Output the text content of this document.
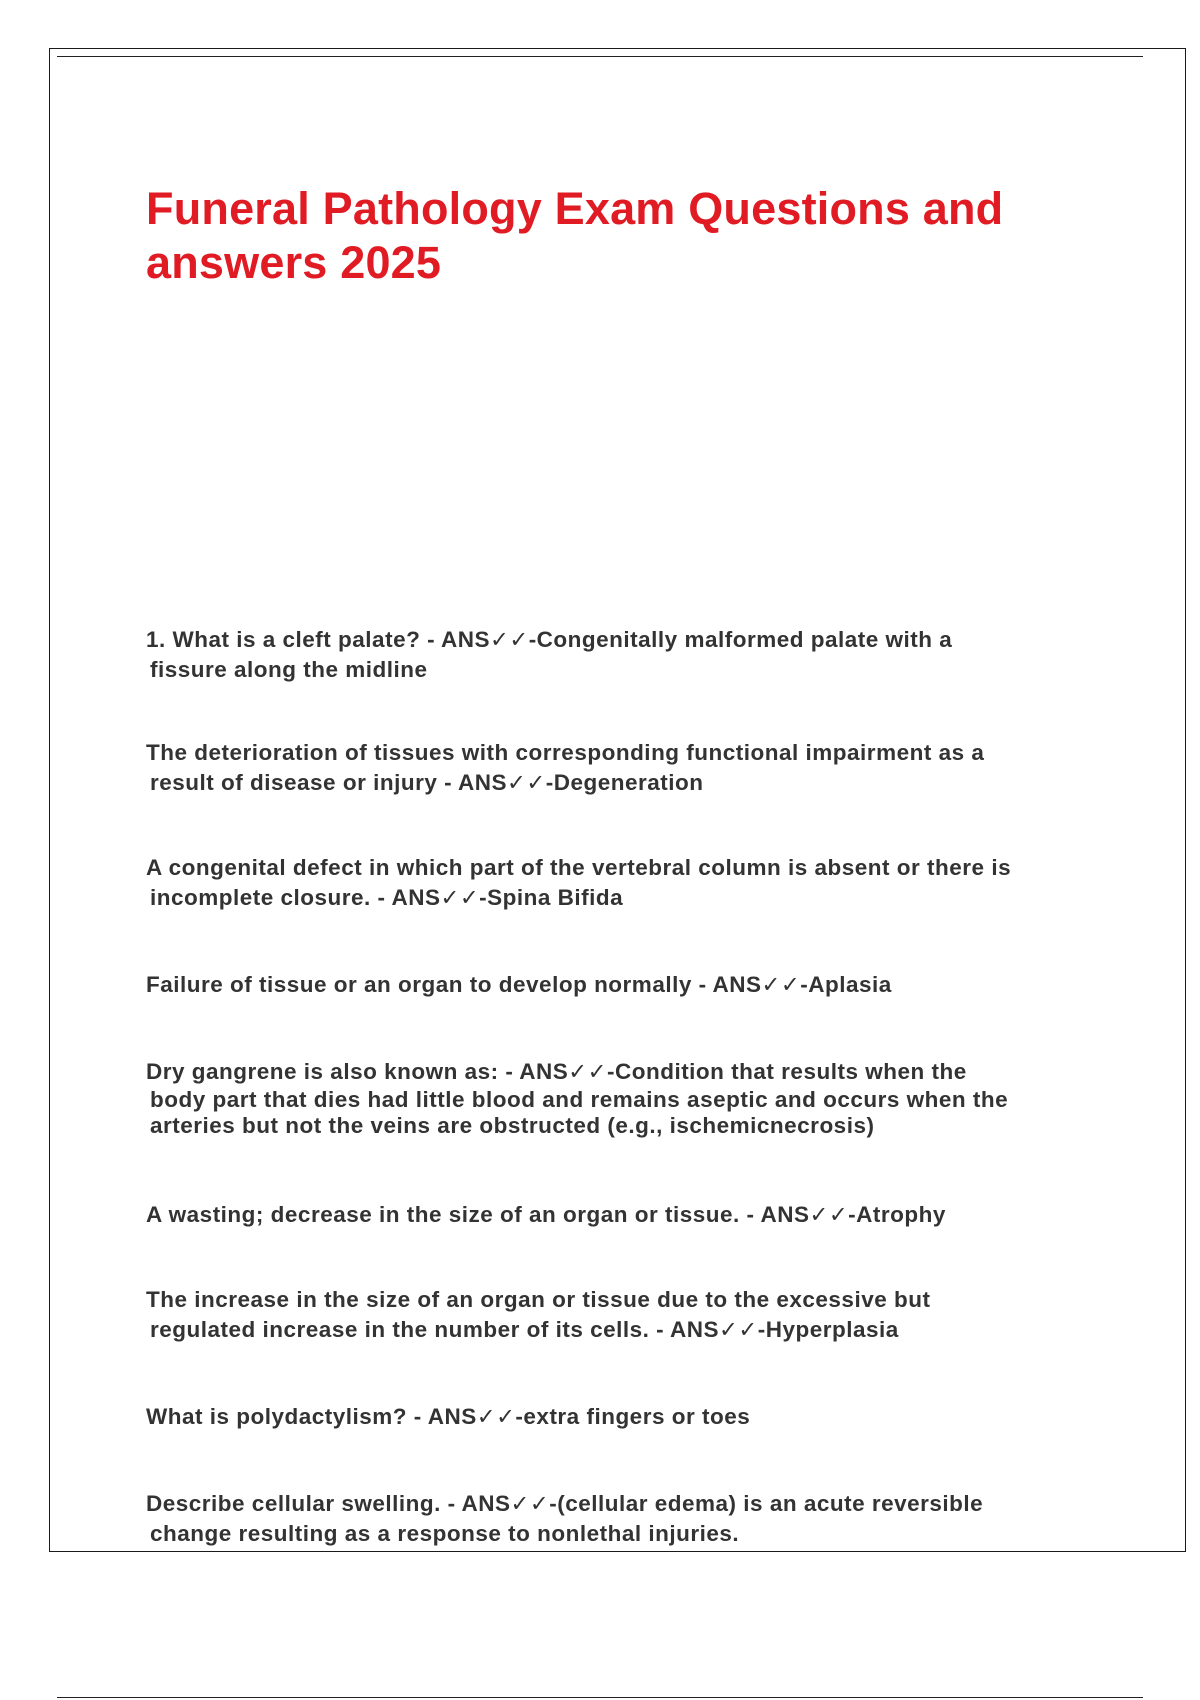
Funeral Pathology Exam Questions and
answers 2025

1. What is a cleft palate? - ANS✓✓-Congenitally malformed palate with a
fissure along the midline

The deterioration of tissues with corresponding functional impairment as a
result of disease or injury - ANS✓✓-Degeneration

A congenital defect in which part of the vertebral column is absent or there is
incomplete closure. - ANS✓✓-Spina Bifida

Failure of tissue or an organ to develop normally - ANS✓✓-Aplasia

Dry gangrene is also known as: - ANS✓✓-Condition that results when the
body part that dies had little blood and remains aseptic and occurs when the
arteries but not the veins are obstructed (e.g., ischemicnecrosis)

A wasting; decrease in the size of an organ or tissue. - ANS✓✓-Atrophy

The increase in the size of an organ or tissue due to the excessive but
regulated increase in the number of its cells. - ANS✓✓-Hyperplasia

What is polydactylism? - ANS✓✓-extra fingers or toes

Describe cellular swelling. - ANS✓✓-(cellular edema) is an acute reversible
change resulting as a response to nonlethal injuries.
